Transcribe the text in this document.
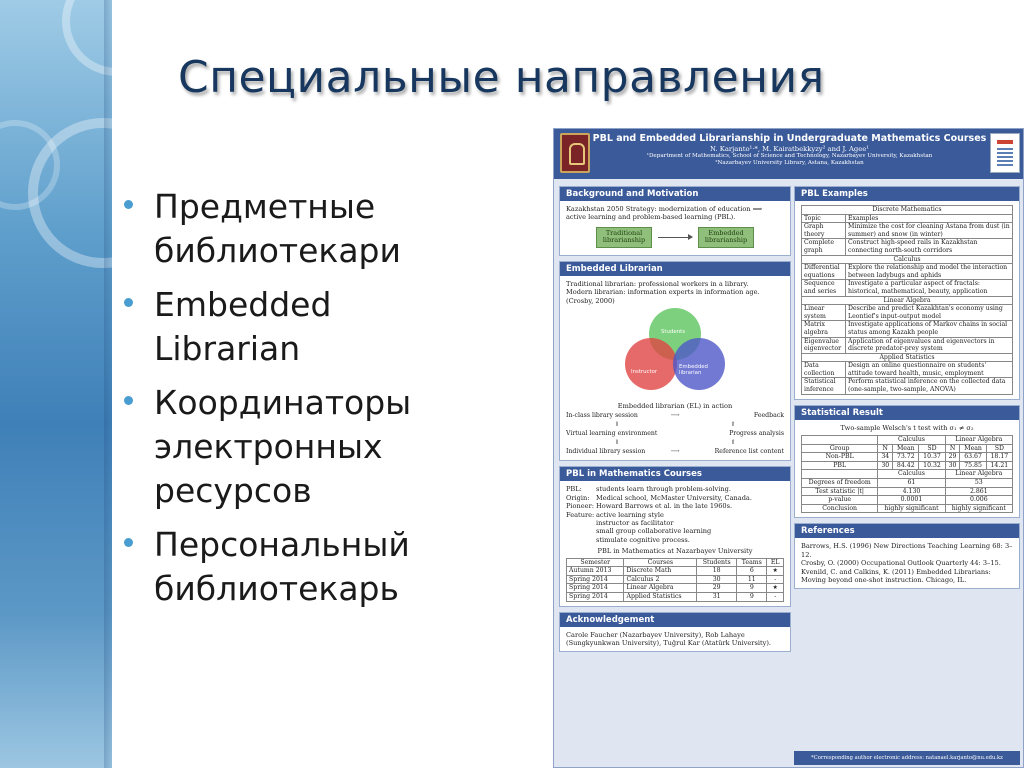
Специальные направления
Предметные библиотекари
Embedded Librarian
Координаторы электронных ресурсов
Персональный библиотекарь
PBL and Embedded Librarianship in Undergraduate Mathematics Courses
N. Karjanto¹·*, M. Kairatbekkyzy² and J. Agee¹
¹Department of Mathematics, School of Science and Technology, Nazarbayev University, Kazakhstan
²Nazarbayev University Library, Astana, Kazakhstan
Background and Motivation
Kazakhstan 2050 Strategy: modernization of education ⟹ active learning and problem-based learning (PBL).
Traditional librarianship
Embedded librarianship
Embedded Librarian
Traditional librarian: professional workers in a library.
Modern librarian: information experts in information age.
(Crosby, 2000)
Students
Instructor
Embedded librarian
Embedded librarian (EL) in action
In-class library session	⟶	Feedback
⇓	⇑
Virtual learning environment	Progress analysis
⇓	⇑
Individual library session	⟶	Reference list content
PBL in Mathematics Courses
PBL:	students learn through problem-solving.
Origin: Medical school, McMaster University, Canada.
Pioneer: Howard Barrows et al. in the late 1960s.
Feature: active learning style
instructor as facilitator
small group collaborative learning
stimulate cognitive process.
PBL in Mathematics at Nazarbayev University
Semester	Courses	Students	Teams	EL
Autumn 2013	Discrete Math	18	6	★
Spring 2014	Calculus 2	30	11	-
Spring 2014	Linear Algebra	29	9	★
Spring 2014	Applied Statistics	31	9	-
Acknowledgement
Carole Faucher (Nazarbayev University), Rob Lahaye (Sungkyunkwan University), Tuğrul Kar (Atatürk University).
PBL Examples
Discrete Mathematics	
Topic	Examples
Graph theory	Minimize the cost for cleaning Astana from dust (in summer) and snow (in winter)
Complete graph	Construct high-speed rails in Kazakhstan connecting north-south corridors
Calculus	
Differential equations	Explore the relationship and model the interaction between ladybugs and aphids
Sequence and series	Investigate a particular aspect of fractals: historical, mathematical, beauty, application
Linear Algebra	
Linear system	Describe and predict Kazakhtan's economy using Leontief's input-output model
Matrix algebra	Investigate applications of Markov chains in social status among Kazakh people
Eigenvalue eigenvector	Application of eigenvalues and eigenvectors in discrete predator-prey system
Applied Statistics	
Data collection	Design an online questionnaire on students' attitude toward health, music, employment
Statistical inference	Perform statistical inference on the collected data (one-sample, two-sample, ANOVA)
Statistical Result
Two-sample Welsch's t test with σ₁ ≠ σ₂
	Calculus			Linear Algebra		
Group	N	Mean	SD	N	Mean	SD
Non-PBL	34	73.72	10.37	29	63.67	18.17
PBL	30	84.42	10.32	30	75.85	14.21
	Calculus			Linear Algebra		
Degrees of freedom	61			53		
Test statistic |t|	4.130			2.861		
p-value	0.0001			0.006		
Conclusion	highly significant			highly significant		
References
Barrows, H.S. (1996) New Directions Teaching Learning 68: 3–12.
Crosby, O. (2000) Occupational Outlook Quarterly 44: 3–15.
Kvenild, C. and Calkins, K. (2011) Embedded Librarians: Moving beyond one-shot instruction. Chicago, IL.
*Corresponding author electronic address: natanael.karjanto@nu.edu.kz
